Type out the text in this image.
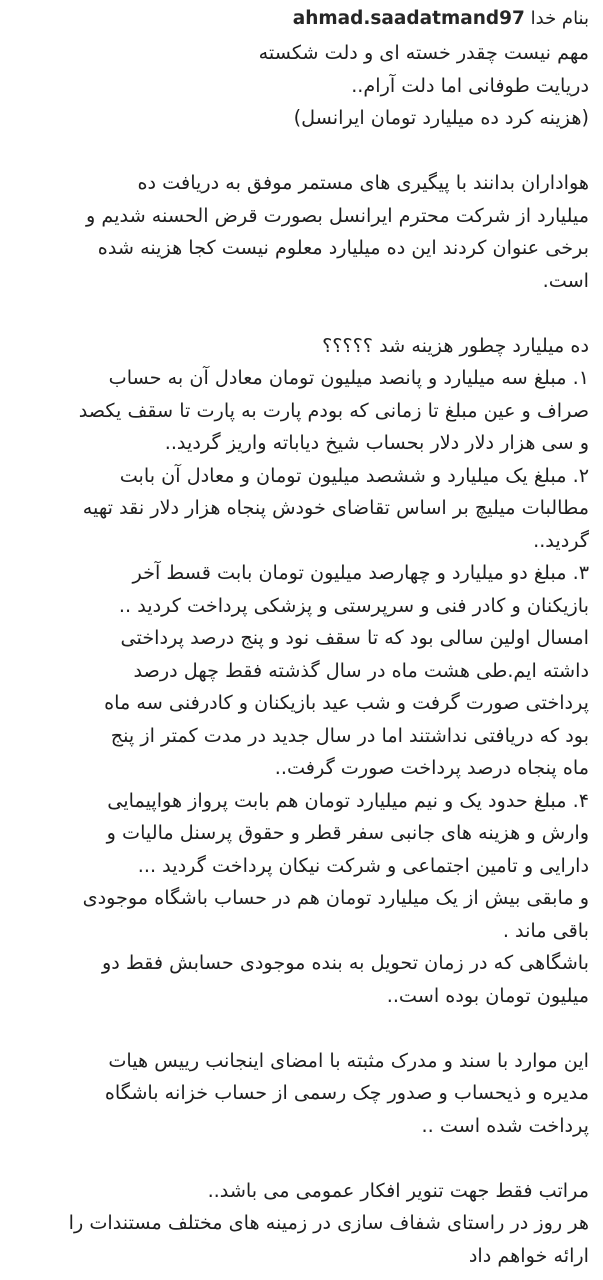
ahmad.saadatmand97 بنام خدا
مهم نیست چقدر خسته ای و دلت شکسته
دریایت طوفانی اما دلت آرام..
(هزینه کرد ده میلیارد تومان ایرانسل)
هواداران بدانند با پیگیری های مستمر موفق به دریافت ده
میلیارد از شرکت محترم ایرانسل بصورت قرض الحسنه شدیم و
برخی عنوان کردند این ده میلیارد معلوم نیست کجا هزینه شده
است.
ده میلیارد چطور هزینه شد ؟؟؟؟؟
۱. مبلغ سه میلیارد و پانصد میلیون تومان معادل آن به حساب
صراف و عین مبلغ تا زمانی که بودم پارت به پارت تا سقف یکصد
و سی هزار دلار دلار بحساب شیخ دیاباته واریز گردید..
۲. مبلغ یک میلیارد و ششصد میلیون تومان و معادل آن بابت
مطالبات میلیچ بر اساس تقاضای خودش پنجاه هزار دلار نقد تهیه
گردید..
۳. مبلغ دو میلیارد و چهارصد میلیون تومان بابت قسط آخر
بازیکنان و کادر فنی و سرپرستی و پزشکی پرداخت کردید ..
امسال اولین سالی بود که تا سقف نود و پنج درصد پرداختی
داشته ایم.طی هشت ماه در سال گذشته فقط چهل درصد
پرداختی صورت گرفت و شب عید بازیکنان و کادرفنی سه ماه
بود که دریافتی نداشتند اما در سال جدید در مدت کمتر از پنج
ماه پنجاه درصد پرداخت صورت گرفت..
۴. مبلغ حدود یک و نیم میلیارد تومان هم بابت پرواز هواپیمایی
وارش و هزینه های جانبی سفر قطر و حقوق پرسنل مالیات و
دارایی و تامین اجتماعی و شرکت نیکان پرداخت گردید ...
و مابقی بیش از یک میلیارد تومان هم در حساب باشگاه موجودی
باقی ماند .
باشگاهی که در زمان تحویل به بنده موجودی حسابش فقط دو
میلیون تومان بوده است..
این موارد با سند و مدرک مثبته با امضای اینجانب رییس هیات
مدیره و ذیحساب و صدور چک رسمی از حساب خزانه باشگاه
پرداخت شده است ..
مراتب فقط جهت تنویر افکار عمومی می باشد..
هر روز در راستای شفاف سازی در زمینه های مختلف مستندات را
ارائه خواهم داد
